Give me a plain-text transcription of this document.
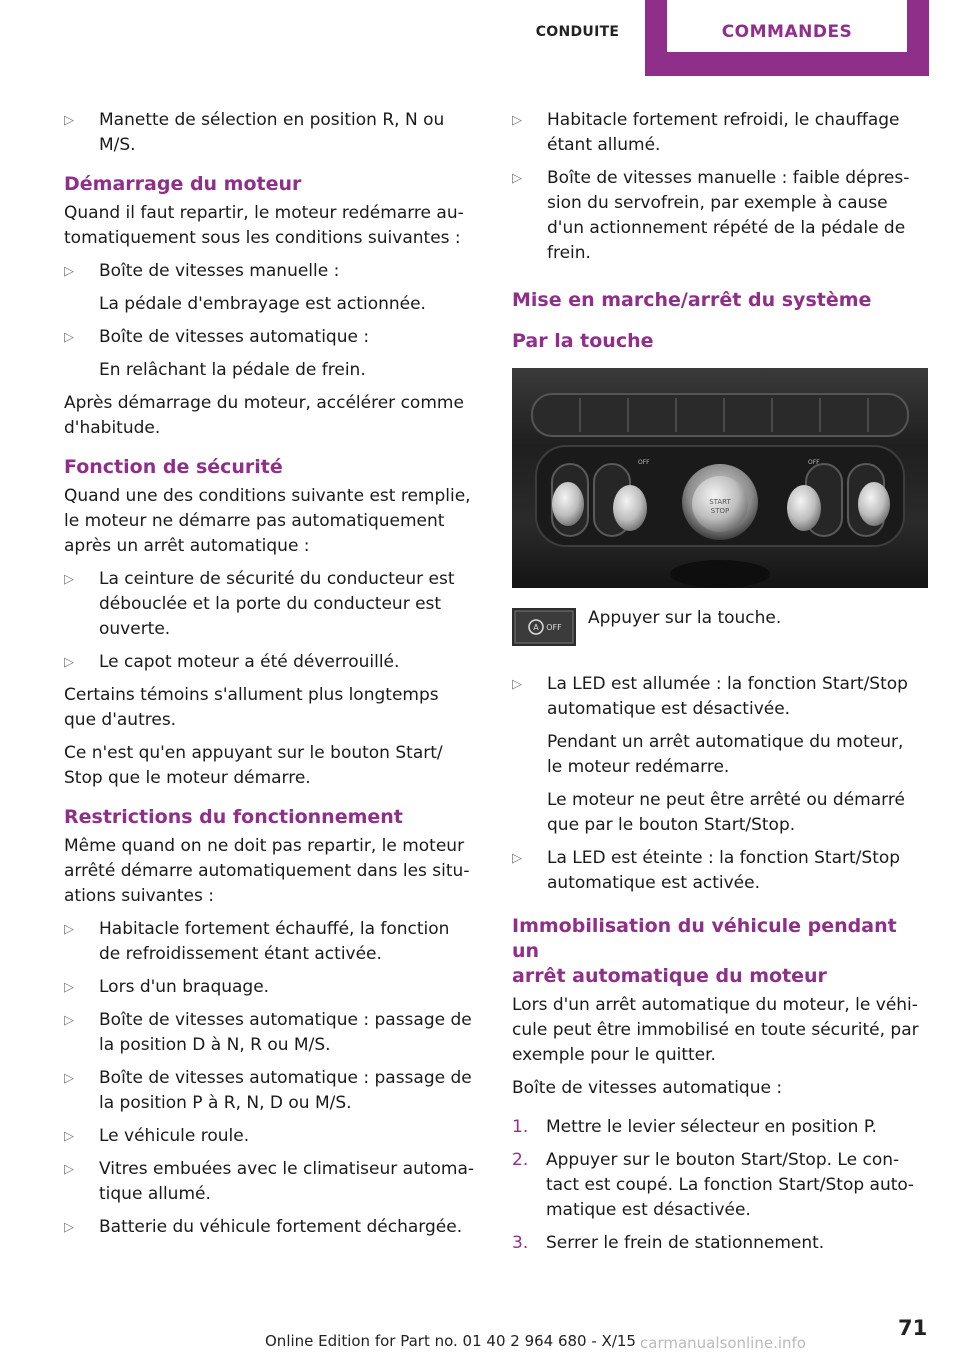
CONDUITE	COMMANDES
▷	Manette de sélection en position R, N ou
M/S.
Démarrage du moteur
Quand il faut repartir, le moteur redémarre au‐
tomatiquement sous les conditions suivantes :
▷	Boîte de vitesses manuelle :
La pédale d'embrayage est actionnée.
▷	Boîte de vitesses automatique :
En relâchant la pédale de frein.
Après démarrage du moteur, accélérer comme
d'habitude.
Fonction de sécurité
Quand une des conditions suivante est remplie,
le moteur ne démarre pas automatiquement
après un arrêt automatique :
▷	La ceinture de sécurité du conducteur est
débouclée et la porte du conducteur est
ouverte.
▷	Le capot moteur a été déverrouillé.
Certains témoins s'allument plus longtemps
que d'autres.
Ce n'est qu'en appuyant sur le bouton Start/
Stop que le moteur démarre.
Restrictions du fonctionnement
Même quand on ne doit pas repartir, le moteur
arrêté démarre automatiquement dans les situ‐
ations suivantes :
▷	Habitacle fortement échauffé, la fonction
de refroidissement étant activée.
▷	Lors d'un braquage.
▷	Boîte de vitesses automatique : passage de
la position D à N, R ou M/S.
▷	Boîte de vitesses automatique : passage de
la position P à R, N, D ou M/S.
▷	Le véhicule roule.
▷	Vitres embuées avec le climatiseur automa‐
tique allumé.
▷	Batterie du véhicule fortement déchargée.
▷	Habitacle fortement refroidi, le chauffage
étant allumé.
▷	Boîte de vitesses manuelle : faible dépres‐
sion du servofrein, par exemple à cause
d'un actionnement répété de la pédale de
frein.
Mise en marche/arrêt du système
Par la touche
START
STOP
OFF	OFF
A OFF Appuyer sur la touche.
▷	La LED est allumée : la fonction Start/Stop
automatique est désactivée.
Pendant un arrêt automatique du moteur,
le moteur redémarre.
Le moteur ne peut être arrêté ou démarré
que par le bouton Start/Stop.
▷	La LED est éteinte : la fonction Start/Stop
automatique est activée.
Immobilisation du véhicule pendant un
arrêt automatique du moteur
Lors d'un arrêt automatique du moteur, le véhi‐
cule peut être immobilisé en toute sécurité, par
exemple pour le quitter.
Boîte de vitesses automatique :
1. Mettre le levier sélecteur en position P.
2. Appuyer sur le bouton Start/Stop. Le con‐
tact est coupé. La fonction Start/Stop auto‐
matique est désactivée.
3. Serrer le frein de stationnement.
71
Online Edition for Part no. 01 40 2 964 680 - X/15 carmanualsonline.info
